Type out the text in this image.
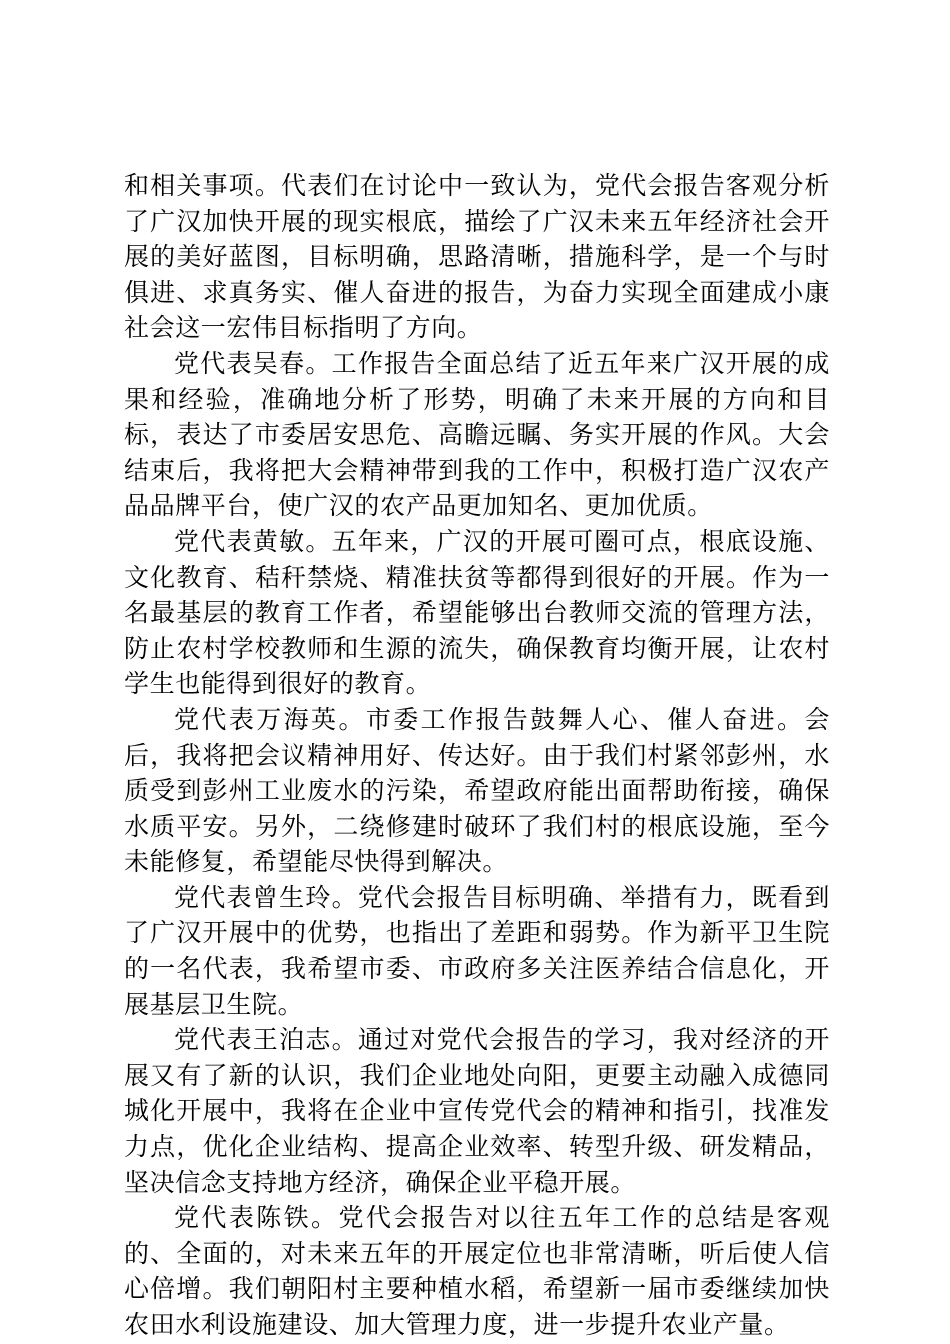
和相关事项。代表们在讨论中一致认为，党代会报告客观分析了广汉加快开展的现实根底，描绘了广汉未来五年经济社会开展的美好蓝图，目标明确，思路清晰，措施科学，是一个与时俱进、求真务实、催人奋进的报告，为奋力实现全面建成小康社会这一宏伟目标指明了方向。

党代表吴春。工作报告全面总结了近五年来广汉开展的成果和经验，准确地分析了形势，明确了未来开展的方向和目标，表达了市委居安思危、高瞻远瞩、务实开展的作风。大会结束后，我将把大会精神带到我的工作中，积极打造广汉农产品品牌平台，使广汉的农产品更加知名、更加优质。

党代表黄敏。五年来，广汉的开展可圈可点，根底设施、文化教育、秸秆禁烧、精准扶贫等都得到很好的开展。作为一名最基层的教育工作者，希望能够出台教师交流的管理方法，防止农村学校教师和生源的流失，确保教育均衡开展，让农村学生也能得到很好的教育。

党代表万海英。市委工作报告鼓舞人心、催人奋进。会后，我将把会议精神用好、传达好。由于我们村紧邻彭州，水质受到彭州工业废水的污染，希望政府能出面帮助衔接，确保水质平安。另外，二绕修建时破环了我们村的根底设施，至今未能修复，希望能尽快得到解决。

党代表曾生玲。党代会报告目标明确、举措有力，既看到了广汉开展中的优势，也指出了差距和弱势。作为新平卫生院的一名代表，我希望市委、市政府多关注医养结合信息化，开展基层卫生院。

党代表王泊志。通过对党代会报告的学习，我对经济的开展又有了新的认识，我们企业地处向阳，更要主动融入成德同城化开展中，我将在企业中宣传党代会的精神和指引，找准发力点，优化企业结构、提高企业效率、转型升级、研发精品，坚决信念支持地方经济，确保企业平稳开展。

党代表陈铁。党代会报告对以往五年工作的总结是客观的、全面的，对未来五年的开展定位也非常清晰，听后使人信心倍增。我们朝阳村主要种植水稻，希望新一届市委继续加快农田水利设施建设、加大管理力度，进一步提升农业产量。
